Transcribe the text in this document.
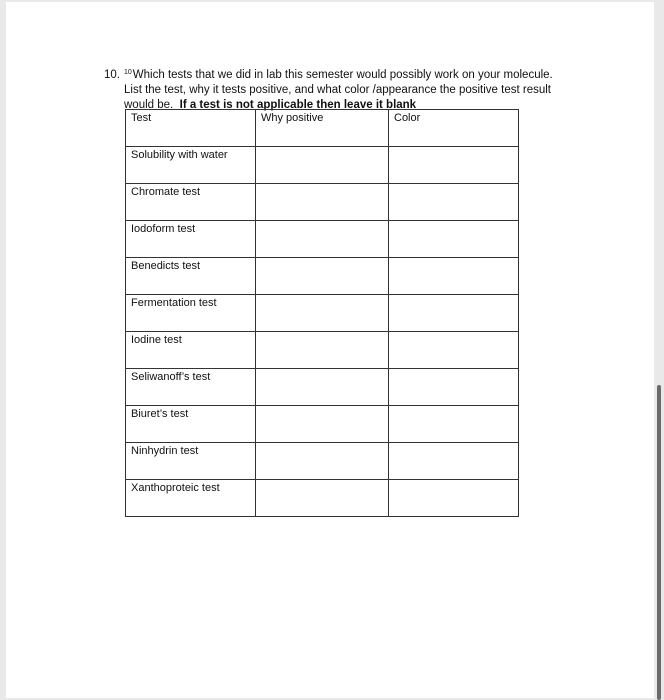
10. $^{10}$Which tests that we did in lab this semester would possibly work on your molecule.
List the test, why it tests positive, and what color /appearance the positive test result
would be. If a test is not applicable then leave it blank
Test	Why positive	Color
Solubility with water		
Chromate test		
Iodoform test		
Benedicts test		
Fermentation test		
Iodine test		
Seliwanoff’s test		
Biuret’s test		
Ninhydrin test		
Xanthoproteic test		
